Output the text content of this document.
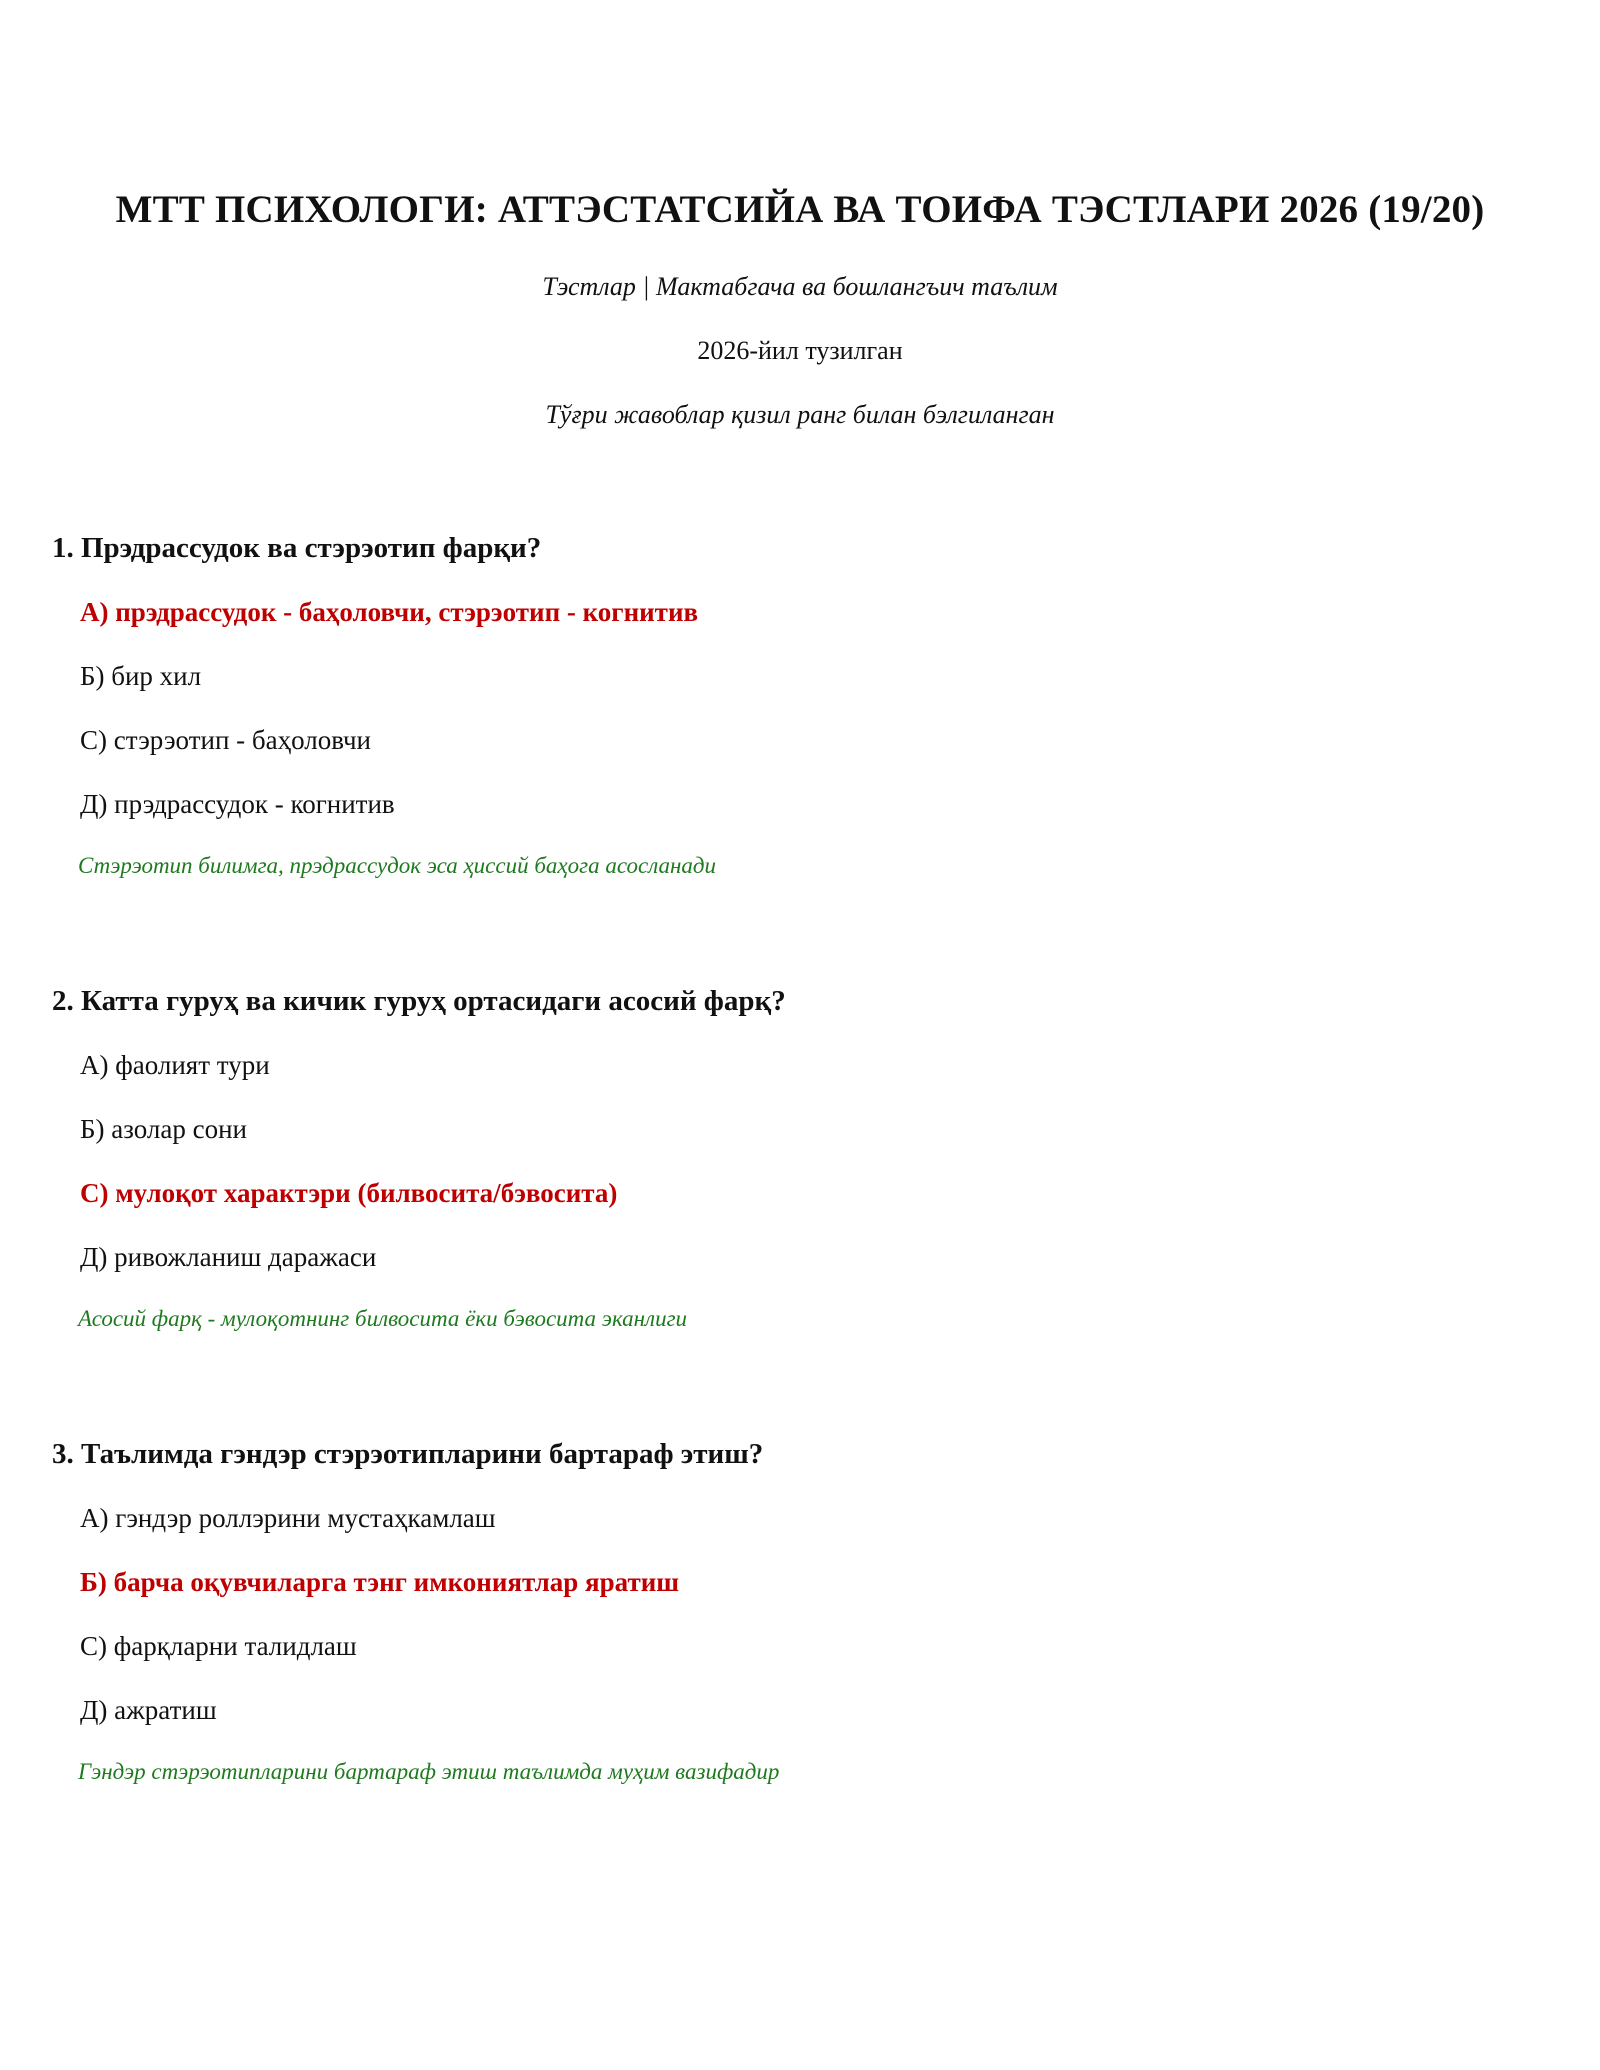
МТТ ПСИХОЛОГИ: АТТЭСТАТСИЙА ВА ТОИФА ТЭСТЛАРИ 2026 (19/20)
Тэстлар | Мактабгача ва бошлангъич таълим
2026-йил тузилган
Тўғри жавоблар қизил ранг билан бэлгиланган
1. Прэдрассудок ва стэрэотип фарқи?
А) прэдрассудок - баҳоловчи, стэрэотип - когнитив
Б) бир хил
С) стэрэотип - баҳоловчи
Д) прэдрассудок - когнитив
Стэрэотип билимга, прэдрассудок эса ҳиссий баҳога асосланади
2. Катта гуруҳ ва кичик гуруҳ ортасидаги асосий фарқ?
А) фаолият тури
Б) азолар сони
С) мулоқот характэри (билвосита/бэвосита)
Д) ривожланиш даражаси
Асосий фарқ - мулоқотнинг билвосита ёки бэвосита эканлиги
3. Таълимда гэндэр стэрэотипларини бартараф этиш?
А) гэндэр роллэрини мустаҳкамлаш
Б) барча оқувчиларга тэнг имкониятлар яратиш
С) фарқларни талидлаш
Д) ажратиш
Гэндэр стэрэотипларини бартараф этиш таълимда муҳим вазифадир
